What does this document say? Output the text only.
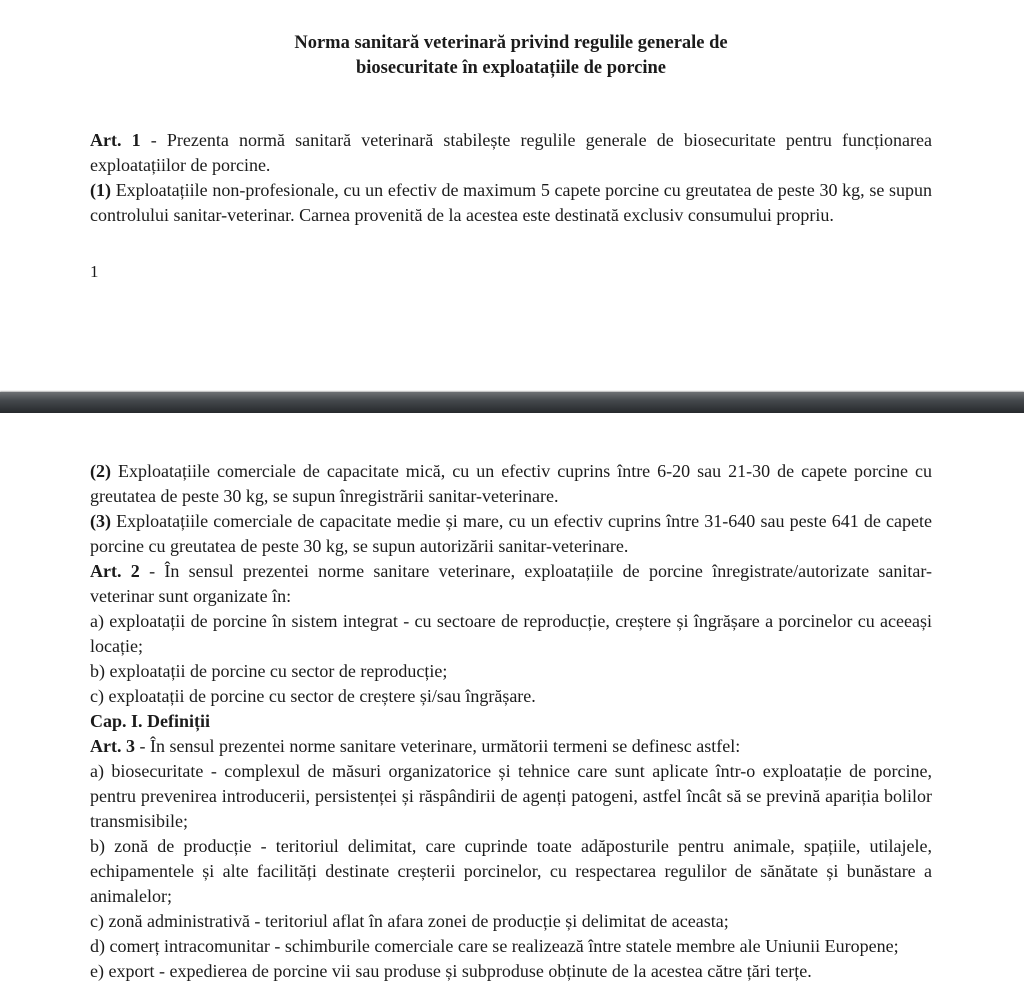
Norma sanitară veterinară privind regulile generale de
biosecuritate în exploatațiile de porcine

Art. 1 - Prezenta normă sanitară veterinară stabilește regulile generale de biosecuritate pentru funcționarea exploatațiilor de porcine.

(1) Exploatațiile non-profesionale, cu un efectiv de maximum 5 capete porcine cu greutatea de peste 30 kg, se supun controlului sanitar-veterinar. Carnea provenită de la acestea este destinată exclusiv consumului propriu.

1

(2) Exploatațiile comerciale de capacitate mică, cu un efectiv cuprins între 6-20 sau 21-30 de capete porcine cu greutatea de peste 30 kg, se supun înregistrării sanitar-veterinare.

(3) Exploatațiile comerciale de capacitate medie și mare, cu un efectiv cuprins între 31-640 sau peste 641 de capete porcine cu greutatea de peste 30 kg, se supun autorizării sanitar-veterinare.

Art. 2 - În sensul prezentei norme sanitare veterinare, exploatațiile de porcine înregistrate/autorizate sanitar-veterinar sunt organizate în:

a) exploatații de porcine în sistem integrat - cu sectoare de reproducție, creștere și îngrășare a porcinelor cu aceeași locație;

b) exploatații de porcine cu sector de reproducție;

c) exploatații de porcine cu sector de creștere și/sau îngrășare.

Cap. I. Definiții

Art. 3 - În sensul prezentei norme sanitare veterinare, următorii termeni se definesc astfel:

a) biosecuritate - complexul de măsuri organizatorice și tehnice care sunt aplicate într-o exploatație de porcine, pentru prevenirea introducerii, persistenței și răspândirii de agenți patogeni, astfel încât să se prevină apariția bolilor transmisibile;

b) zonă de producție - teritoriul delimitat, care cuprinde toate adăposturile pentru animale, spațiile, utilajele, echipamentele și alte facilități destinate creșterii porcinelor, cu respectarea regulilor de sănătate și bunăstare a animalelor;

c) zonă administrativă - teritoriul aflat în afara zonei de producție și delimitat de aceasta;

d) comerț intracomunitar - schimburile comerciale care se realizează între statele membre ale Uniunii Europene;

e) export - expedierea de porcine vii sau produse și subproduse obținute de la acestea către țări terțe.
